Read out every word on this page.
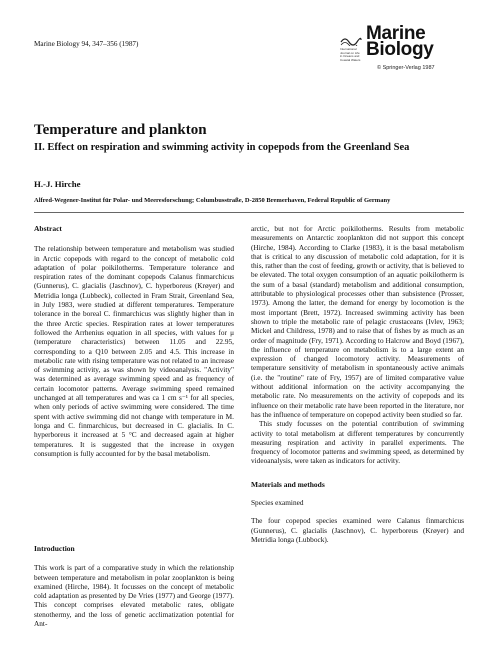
Marine Biology 94, 347–356 (1987)
International Journal on Life in Oceans and Coastal Waters
Marine
Biology
© Springer-Verlag 1987
Temperature and plankton
II. Effect on respiration and swimming activity in copepods from the Greenland Sea
H.-J. Hirche
Alfred-Wegener-Institut für Polar- und Meeresforschung; Columbusstraße, D-2850 Bremerhaven, Federal Republic of Germany

Abstract

The relationship between temperature and metabolism was studied in Arctic copepods with regard to the concept of metabolic cold adaptation of polar poikilotherms. Temperature tolerance and respiration rates of the dominant copepods Calanus finmarchicus (Gunnerus), C. glacialis (Jaschnov), C. hyperboreus (Krøyer) and Metridia longa (Lubbeck), collected in Fram Strait, Greenland Sea, in July 1983, were studied at different temperatures. Temperature tolerance in the boreal C. finmarchicus was slightly higher than in the three Arctic species. Respiration rates at lower temperatures followed the Arrhenius equation in all species, with values for μ (temperature characteristics) between 11.05 and 22.95, corresponding to a Q10 between 2.05 and 4.5. This increase in metabolic rate with rising temperature was not related to an increase of swimming activity, as was shown by videoanalysis. "Activity" was determined as average swimming speed and as frequency of certain locomotor patterns. Average swimming speed remained unchanged at all temperatures and was ca 1 cm s⁻¹ for all species, when only periods of active swimming were considered. The time spent with active swimming did not change with temperature in M. longa and C. finmarchicus, but decreased in C. glacialis. In C. hyperboreus it increased at 5 °C and decreased again at higher temperatures. It is suggested that the increase in oxygen consumption is fully accounted for by the basal metabolism.

Introduction

This work is part of a comparative study in which the relationship between temperature and metabolism in polar zooplankton is being examined (Hirche, 1984). It focusses on the concept of metabolic cold adaptation as presented by De Vries (1977) and George (1977). This concept comprises elevated metabolic rates, obligate stenothermy, and the loss of genetic acclimatization potential for Ant-

arctic, but not for Arctic poikilotherms. Results from metabolic measurements on Antarctic zooplankton did not support this concept (Hirche, 1984). According to Clarke (1983), it is the basal metabolism that is critical to any discussion of metabolic cold adaptation, for it is this, rather than the cost of feeding, growth or activity, that is believed to be elevated. The total oxygen consumption of an aquatic poikilotherm is the sum of a basal (standard) metabolism and additional consumption, attributable to physiological processes other than subsistence (Prosser, 1973). Among the latter, the demand for energy by locomotion is the most important (Brett, 1972). Increased swimming activity has been shown to triple the metabolic rate of pelagic crustaceans (Ivlev, 1963; Mickel and Childress, 1978) and to raise that of fishes by as much as an order of magnitude (Fry, 1971). According to Halcrow and Boyd (1967), the influence of temperature on metabolism is to a large extent an expression of changed locomotory activity. Measurements of temperature sensitivity of metabolism in spontaneously active animals (i.e. the "routine" rate of Fry, 1957) are of limited comparative value without additional information on the activity accompanying the metabolic rate. No measurements on the activity of copepods and its influence on their metabolic rate have been reported in the literature, nor has the influence of temperature on copepod activity been studied so far.

This study focusses on the potential contribution of swimming activity to total metabolism at different temperatures by concurrently measuring respiration and activity in parallel experiments. The frequency of locomotor patterns and swimming speed, as determined by videoanalysis, were taken as indicators for activity.

Materials and methods

Species examined

The four copepod species examined were Calanus finmarchicus (Gunnerus), C. glacialis (Jaschnov), C. hyperboreus (Krøyer) and Metridia longa (Lubbock).
